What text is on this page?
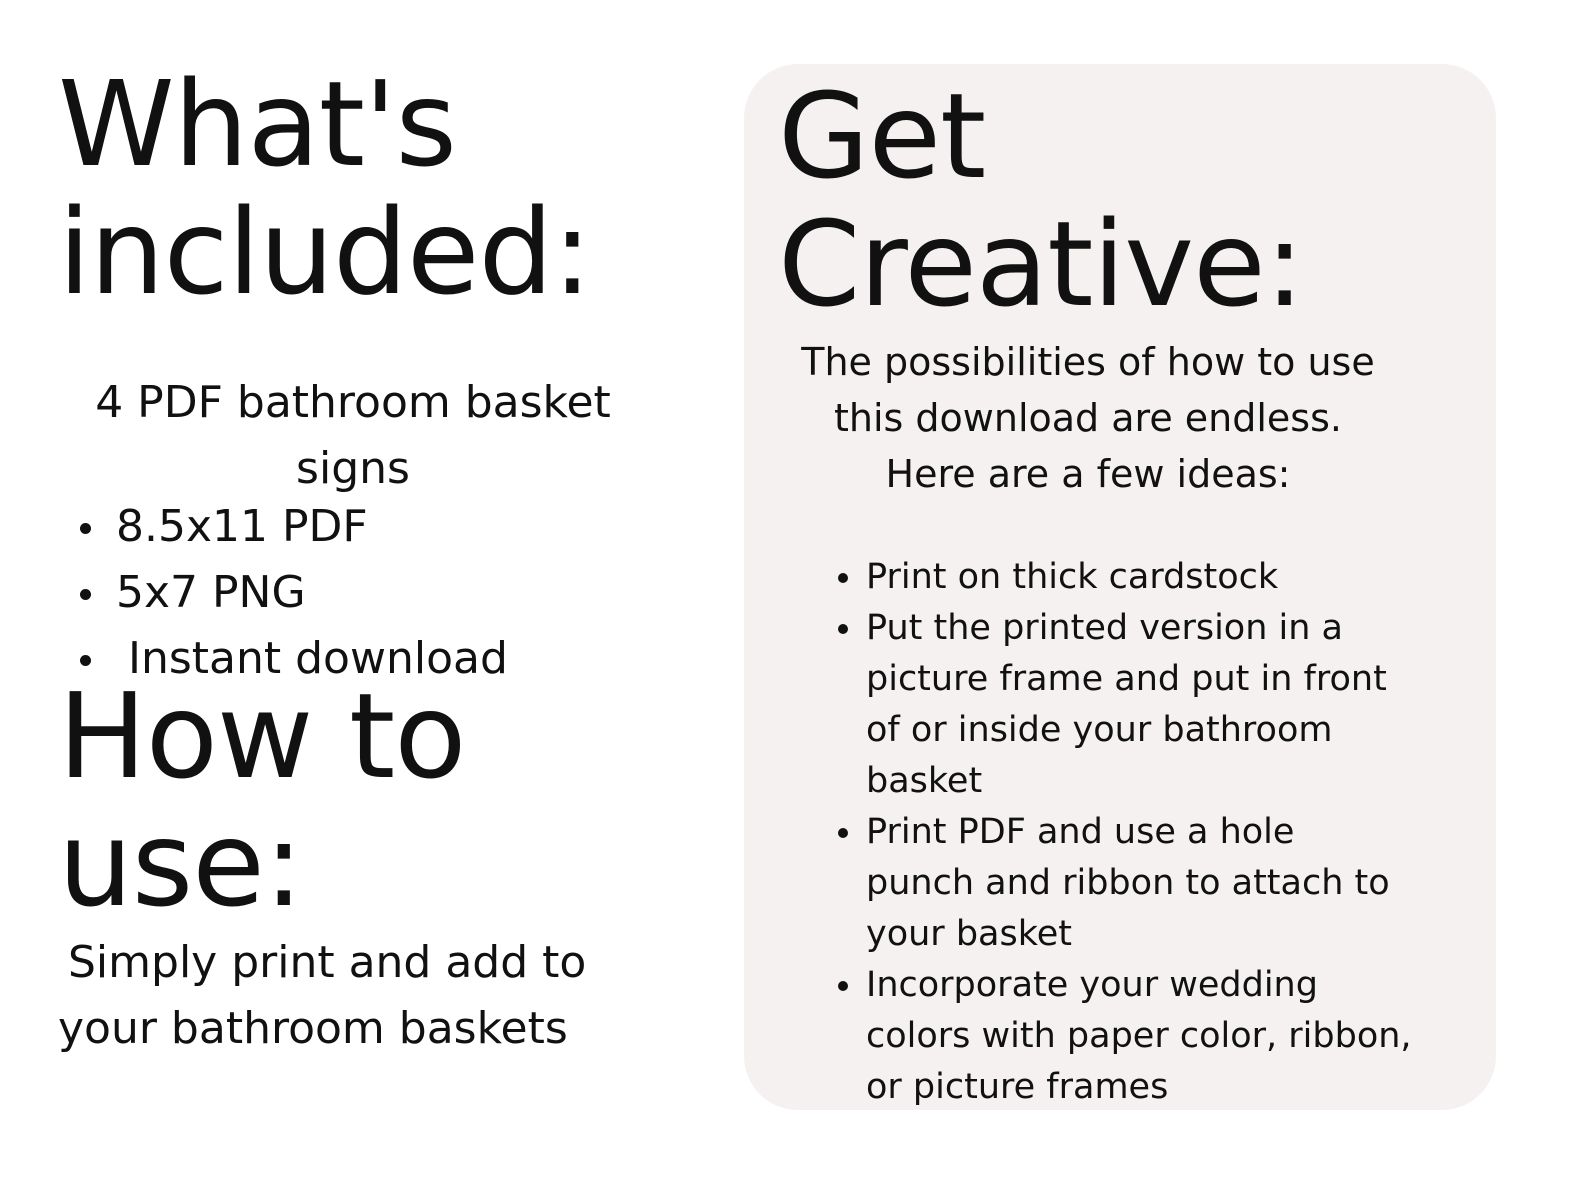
What's
included:

4 PDF bathroom basket
signs

8.5x11 PDF
5x7 PNG
Instant download
How to
use:

Simply print and add to
your bathroom baskets

Get
Creative:

The possibilities of how to use
this download are endless.
Here are a few ideas:

Print on thick cardstock
Put the printed version in a
picture frame and put in front
of or inside your bathroom
basket
Print PDF and use a hole
punch and ribbon to attach to
your basket
Incorporate your wedding
colors with paper color, ribbon,
or picture frames
